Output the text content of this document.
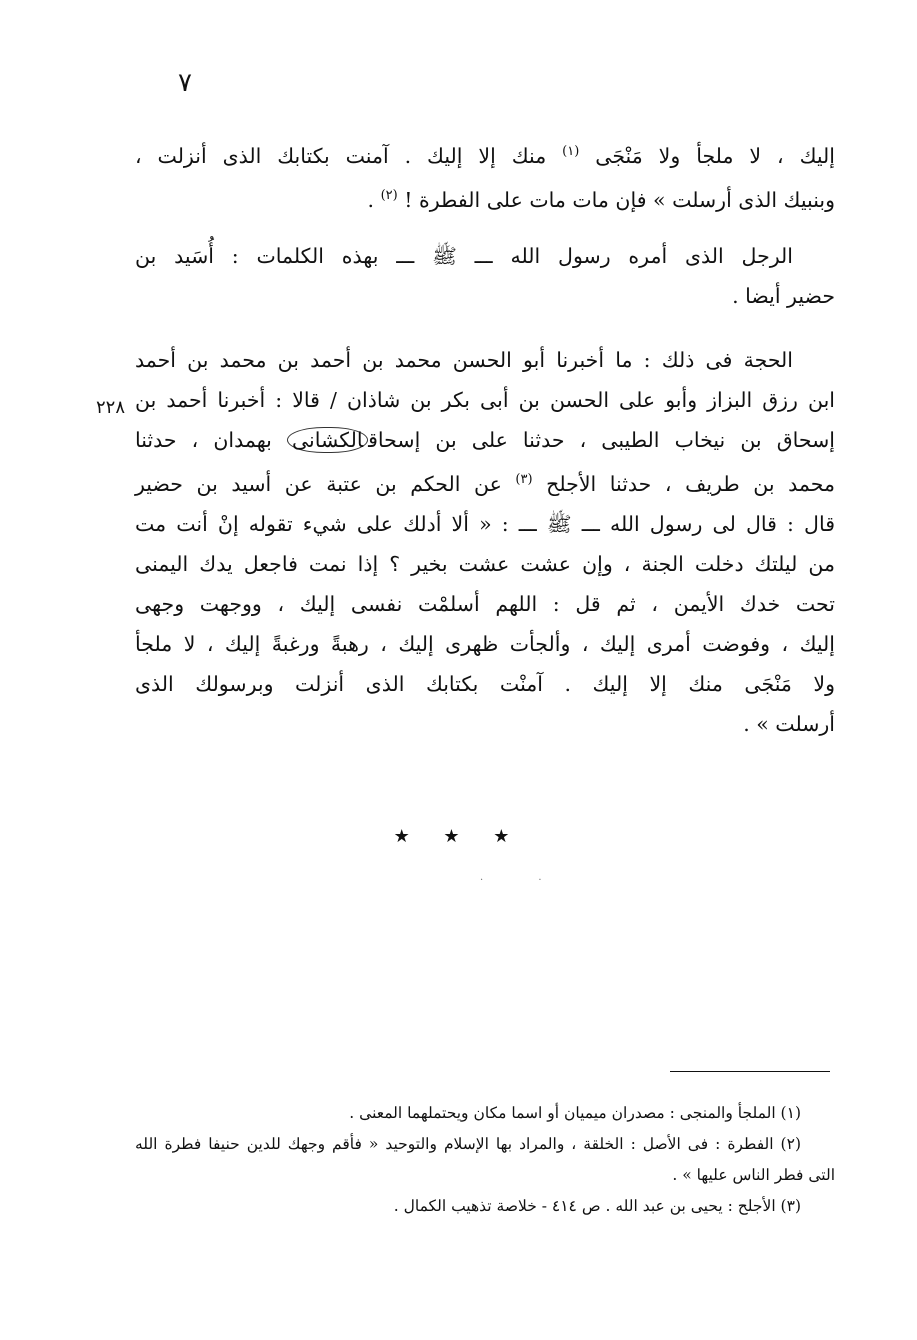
٧
إليك ، لا ملجأ ولا مَنْجَى $^{(١)}$ منك إلا إليك . آمنت بكتابك الذى أنزلت ،
وبنبيك الذى أرسلت » فإن مات مات على الفطرة ! $^{(٢)}$ .
الرجل الذى أمره رسول الله ـــ ﷺ ـــ بهذه الكلمات : أُسَيد بن
حضير أيضا .
٢٢٨
الحجة فى ذلك : ما أخبرنا أبو الحسن محمد بن أحمد بن محمد بن أحمد
ابن رزق البزاز وأبو على الحسن بن أبى بكر بن شاذان / قالا : أخبرنا أحمد بن
إسحاق بن نيخاب الطيبى ، حدثنا على بن إسحاقالكشانى بهمدان ، حدثنا
محمد بن طريف ، حدثنا الأجلح $^{(٣)}$ عن الحكم بن عتبة عن أسيد بن حضير
قال : قال لى رسول الله ـــ ﷺ ـــ : « ألا أدلك على شيء تقوله إنْ أنت مت
من ليلتك دخلت الجنة ، وإن عشت عشت بخير ؟ إذا نمت فاجعل يدك اليمنى
تحت خدك الأيمن ، ثم قل : اللهم أسلمْت نفسى إليك ، ووجهت وجهى
إليك ، وفوضت أمرى إليك ، وألجأت ظهرى إليك ، رهبةً ورغبةً إليك ، لا ملجأ
ولا مَنْجَى منك إلا إليك . آمنْت بكتابك الذى أنزلت وبرسولك الذى
أرسلت » .
★ ★ ★
· ·
(١) الملجأ والمنجى : مصدران ميميان أو اسما مكان ويحتملهما المعنى .
(٢) الفطرة : فى الأصل : الخلقة ، والمراد بها الإسلام والتوحيد « فأقم وجهك للدين حنيفا فطرة الله
التى فطر الناس عليها » .
(٣) الأجلح : يحيى بن عبد الله . ص ٤١٤ - خلاصة تذهيب الكمال .
